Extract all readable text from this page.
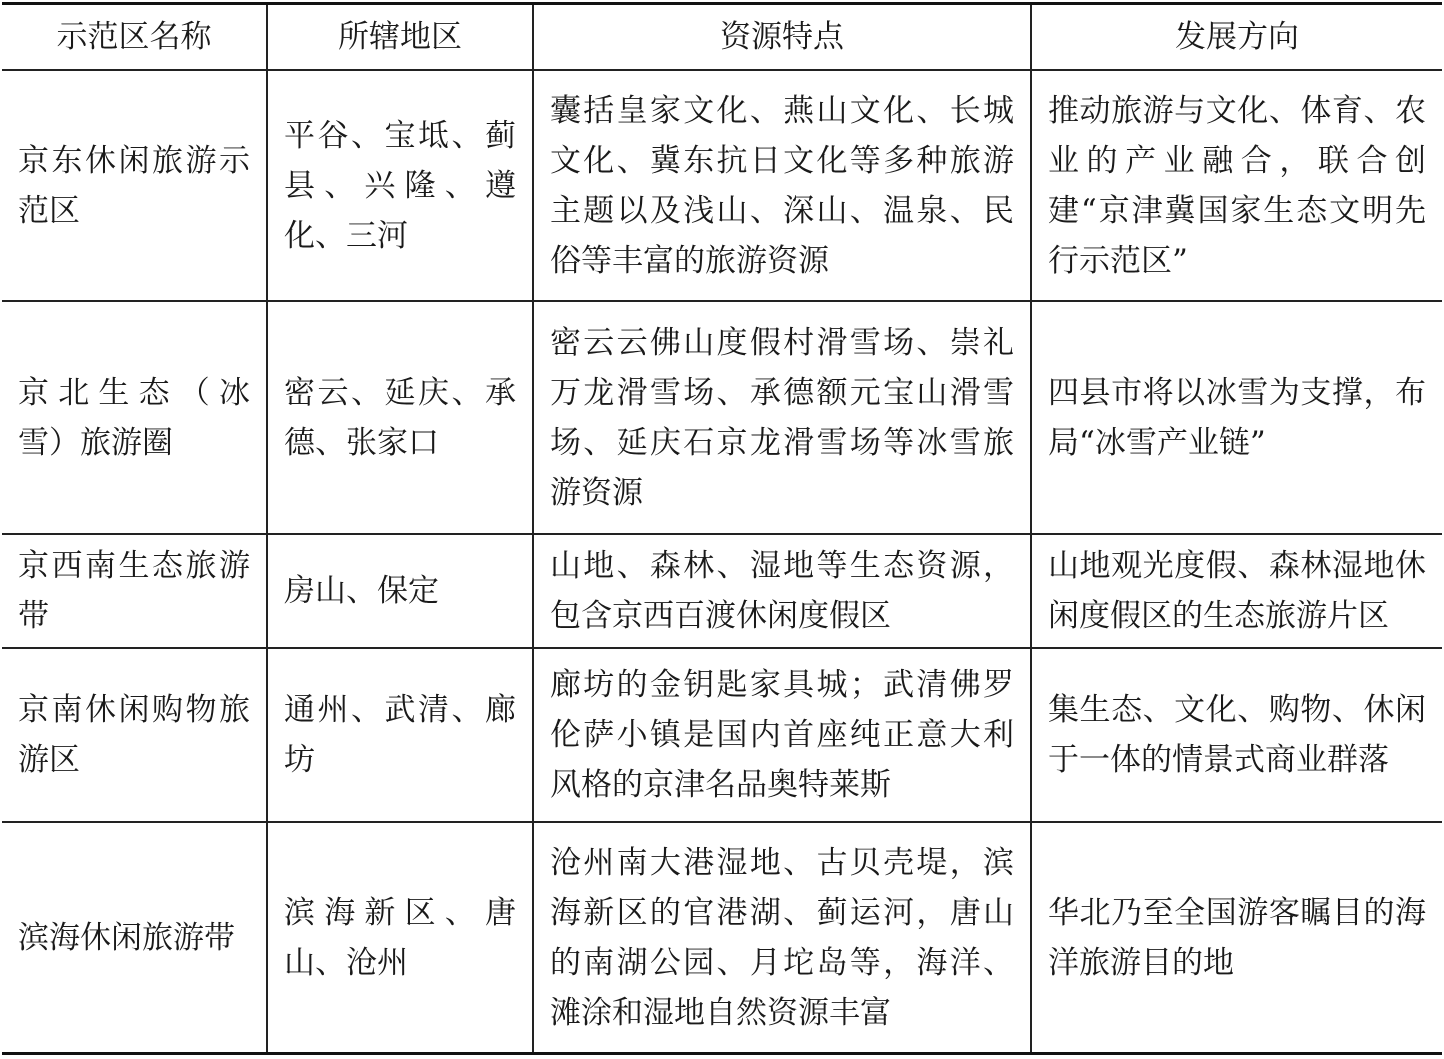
示范区名称	所辖地区	资源特点	发展方向
京东休闲旅游示范区	平谷、宝坻、蓟县、兴隆、遵化、三河	囊括皇家文化、燕山文化、长城文化、冀东抗日文化等多种旅游主题以及浅山、深山、温泉、民俗等丰富的旅游资源	推动旅游与文化、体育、农业的产业融合，联合创建“京津冀国家生态文明先行示范区”
京北生态（冰雪）旅游圈	密云、延庆、承德、张家口	密云云佛山度假村滑雪场、崇礼万龙滑雪场、承德额元宝山滑雪场、延庆石京龙滑雪场等冰雪旅游资源	四县市将以冰雪为支撑，布局“冰雪产业链”
京西南生态旅游带	房山、保定	山地、森林、湿地等生态资源，包含京西百渡休闲度假区	山地观光度假、森林湿地休闲度假区的生态旅游片区
京南休闲购物旅游区	通州、武清、廊坊	廊坊的金钥匙家具城；武清佛罗伦萨小镇是国内首座纯正意大利风格的京津名品奥特莱斯	集生态、文化、购物、休闲于一体的情景式商业群落
滨海休闲旅游带	滨海新区、唐山、沧州	沧州南大港湿地、古贝壳堤，滨海新区的官港湖、蓟运河，唐山的南湖公园、月坨岛等，海洋、滩涂和湿地自然资源丰富	华北乃至全国游客瞩目的海洋旅游目的地
